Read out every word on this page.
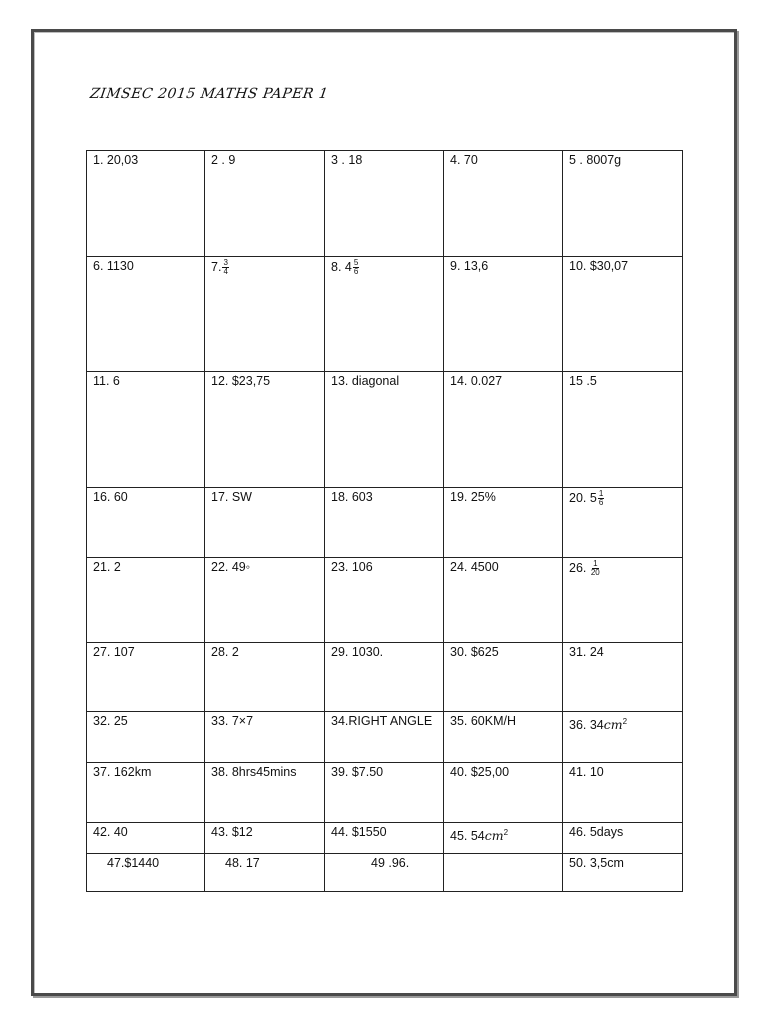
ZIMSEC 2015 MATHS PAPER 1
1. 20,03	2 . 9	3 . 18	4. 70	5 . 8007g
6. 1130	7. $\frac{3}{4}$	8. $4 \frac{5}{6}$	9. 13,6	10. $30,07
11. 6	12. $23,75	13. diagonal	14. 0.027	15 .5
16. 60	17. SW	18. 603	19. 25%	20. $5 \frac{1}{6}$

21. 2	22. 49◦	23. 106	24. 4500	26. $\frac{1}{20}$

27. 107	28. 2	29. 1030.	30. $625	31. 24
32. 25	33. 7×7	34.RIGHT ANGLE	35. 60KM/H	36. $34cm^2$
37. 162km	38. 8hrs45mins	39. $7.50	40. $25,00	41. 10
42. 40	43. $12	44. $1550	45. $54cm^2$	46. 5days
47.$1440	48. 17	49 .96.		50. 3,5cm
